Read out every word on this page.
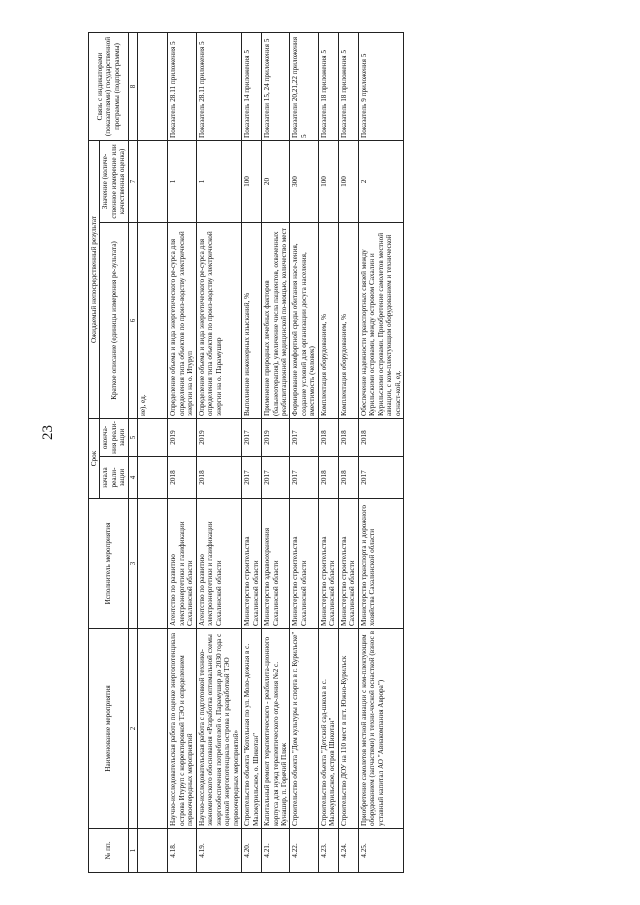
23
№ пп.	Наименование мероприятия	Исполнитель мероприятия	Срок		Ожидаемый непосредственный результат		Связь с индикаторами (показателями) государственной программы (подпрограммы)
			начала реали-зации	оконча-ния реали-зации	Краткое описание (единицы измерения ре-зультата)	Значение (количе-ственное измерение или качественная оценка)	
1	2	3	4	5	6	7	8
					ие), ед.		
4.18.	Научно-исследовательская работа по оценке энергопотенциала острова Итуруп с корректировкой ТЭО и определением первоочередных мероприятий	Агентство по развитию электроэнергетики и газификации Сахалинской области	2018	2019	Определение объема и вида энергетического ре-сурса для определения типа объектов по произ-водству электрической энергии на о. Итуруп	1	Показатель 28.11 приложения 5
4.19.	Научно-исследовательская работа с подготовкой технико-экономического обоснования «Разработка оптимальной схемы энергообеспечения потребителей о. Парамушир до 2030 года с оценкой энергопотенциала острова и разработкой ТЭО первоочередных мероприятий»	Агентство по развитию электроэнергетики и газификации Сахалинской области	2018	2019	Определение объема и вида энергетического ре-сурса для определения типа объектов по произ-водству электрической энергии на о. Парамушир	1	Показатель 28.11 приложения 5
4.20.	Строительство объекта "Котельная по ул. Моло-дежная в с. Малокурильское, о. Шикотан"	Министерство строительства Сахалинской области	2017	2017	Выполнение инженерных изысканий, %	100	Показатель 14 приложения 5
4.21.	Капитальный ремонт терапевтического - реабилита-ционного корпуса для нужд терапевтического отде-ления №2 с. Кунашир, п. Горячий Пляж	Министерство здравоохранения Сахалинской области	2017	2019	Применение природных лечебных факторов (бальнеотерапия), увеличение числа пациентов, охваченных реабилитационной медицинской по-мощью, количество мест	20	Показатели 15, 24 приложения 5
4.22.	Строительство объекта "Дом культуры и спорта в г. Курильске"	Министерство строительства Сахалинской области	2017	2017	Формирование комфортной среды обитания насе-ления, создание условий для организации досуга населения, вместимость (человек)	300	Показатели 20,21,22 приложения 5
4.23.	Строительство объекта "Детский сад-школа в с. Малокурильское, остров Шикотан"	Министерство строительства Сахалинской области	2018	2018	Комплектация оборудованием, %	100	Показатель 18 приложения 5
4.24.	Строительство ДОУ на 110 мест в пгт. Южно-Курильск	Министерство строительства Сахалинской области	2018	2018	Комплектация оборудованием, %	100	Показатель 18 приложения 5
4.25.	Приобретение самолетов местной авиации с ком-плектующим оборудованием (запчастями) и техни-ческой оснасткой (взнос в уставный капитал АО "Авиакомпания Аврора")	Министерство транспорта и дорожного хозяйства Сахалинской области	2017	2018	Обеспечение надежности транспортных связей между Курильскими островами, между островом Сахалин и Курильскими островами. Приобретение самолетов местной авиации, с ком-плектующим оборудованием и технической оснаст-кой, ед.	2	Показатель 9 приложения 5
